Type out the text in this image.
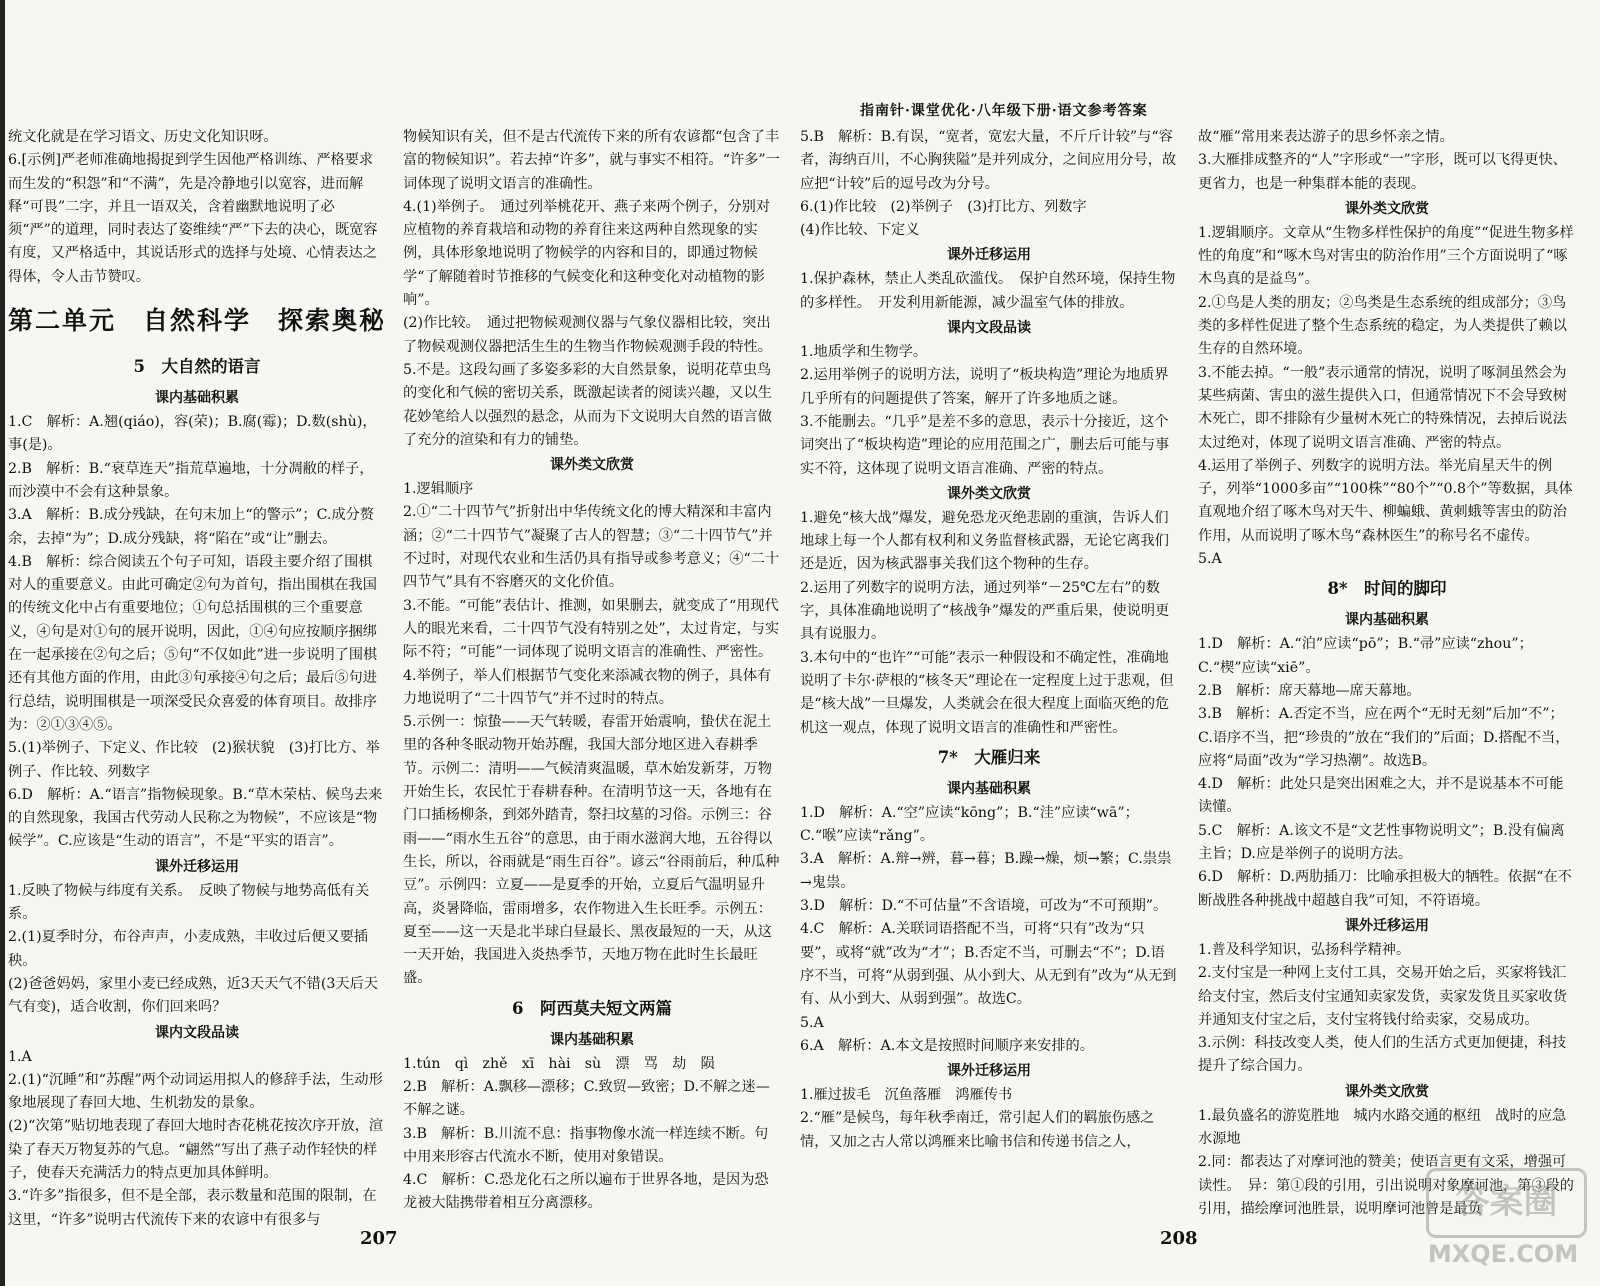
指南针·课堂优化·八年级下册·语文参考答案

统文化就是在学习语文、历史文化知识呀。

6.[示例]严老师准确地揭捉到学生因他严格训练、严格要求而生发的“积怨”和“不满”，先是冷静地引以宽容，进而解释“可畏”二字，并且一语双关，含着幽默地说明了必须“严”的道理，同时表达了姿维续“严”下去的决心，既宽容有度，又严格适中，其说话形式的选择与处境、心情表达之得体，令人击节赞叹。

第二单元　自然科学　探索奥秘

5　大自然的语言

课内基础积累

1.C　解析：A.翘(qiáo)，容(荣)；B.腐(霉)；D.数(shù)，事(是)。

2.B　解析：B.“衰草连天”指荒草遍地，十分凋敝的样子，而沙漠中不会有这种景象。

3.A　解析：B.成分残缺，在句末加上“的警示”；C.成分赘余，去掉“为”；D.成分残缺，将“陷在”或“让”删去。

4.B　解析：综合阅读五个句子可知，语段主要介绍了围棋对人的重要意义。由此可确定②句为首句，指出围棋在我国的传统文化中占有重要地位；①句总括围棋的三个重要意义，④句是对①句的展开说明，因此，①④句应按顺序捆绑在一起承接在②句之后；⑤句“不仅如此”进一步说明了围棋还有其他方面的作用，由此③句承接④句之后；最后⑤句进行总结，说明围棋是一项深受民众喜爱的体育项目。故排序为：②①③④⑤。

5.(1)举例子、下定义、作比较　(2)猴状貌　(3)打比方、举例子、作比较、列数字

6.D　解析：A.“语言”指物候现象。B.“草木荣枯、候鸟去来的自然现象，我国古代劳动人民称之为物候”，不应该是“物候学”。C.应该是“生动的语言”，不是“平实的语言”。

课外迁移运用

1.反映了物候与纬度有关系。　反映了物候与地势高低有关系。

2.(1)夏季时分，布谷声声，小麦成熟，丰收过后便又要插秧。

(2)爸爸妈妈，家里小麦已经成熟，近3天天气不错(3天后天气有变)，适合收割，你们回来吗？

课内文段品读

1.A

2.(1)“沉睡”和“苏醒”两个动词运用拟人的修辞手法，生动形象地展现了春回大地、生机勃发的景象。

(2)“次第”贴切地表现了春回大地时杏花桃花按次序开放，渲染了春天万物复苏的气息。“翩然”写出了燕子动作轻快的样子，使春天充满活力的特点更加具体鲜明。

3.“许多”指很多，但不是全部，表示数量和范围的限制，在这里，“许多”说明古代流传下来的农谚中有很多与

物候知识有关，但不是古代流传下来的所有农谚都“包含了丰富的物候知识”。若去掉“许多”，就与事实不相符。“许多”一词体现了说明文语言的准确性。

4.(1)举例子。　通过列举桃花开、燕子来两个例子，分别对应植物的养育栽培和动物的养育往来这两种自然现象的实例，具体形象地说明了物候学的内容和目的，即通过物候学“了解随着时节推移的气候变化和这种变化对动植物的影响”。

(2)作比较。　通过把物候观测仪器与气象仪器相比较，突出了物候观测仪器把活生生的生物当作物候观测手段的特性。

5.不是。这段勾画了多姿多彩的大自然景象，说明花草虫鸟的变化和气候的密切关系，既激起读者的阅读兴趣，又以生花妙笔给人以强烈的悬念，从而为下文说明大自然的语言做了充分的渲染和有力的铺垫。

课外类文欣赏

1.逻辑顺序

2.①“二十四节气”折射出中华传统文化的博大精深和丰富内涵；②“二十四节气”凝聚了古人的智慧；③“二十四节气”并不过时，对现代农业和生活仍具有指导或参考意义；④“二十四节气”具有不容磨灭的文化价值。

3.不能。“可能”表估计、推测，如果删去，就变成了“用现代人的眼光来看，二十四节气没有特别之处”，太过肯定，与实际不符；“可能”一词体现了说明文语言的准确性、严密性。

4.举例子，举人们根据节气变化来添减衣物的例子，具体有力地说明了“二十四节气”并不过时的特点。

5.示例一：惊蛰——天气转暖，春雷开始震响，蛰伏在泥土里的各种冬眠动物开始苏醒，我国大部分地区进入春耕季节。示例二：清明——气候清爽温暖，草木始发新芽，万物开始生长，农民忙于春耕春种。在清明节这一天，各地有在门口插杨柳条，到郊外踏青，祭扫坟墓的习俗。示例三：谷雨——“雨水生五谷”的意思，由于雨水滋润大地，五谷得以生长，所以，谷雨就是“雨生百谷”。谚云“谷雨前后，种瓜种豆”。示例四：立夏——是夏季的开始，立夏后气温明显升高，炎暑降临，雷雨增多，农作物进入生长旺季。示例五：夏至——这一天是北半球白昼最长、黑夜最短的一天，从这一天开始，我国进入炎热季节，天地万物在此时生长最旺盛。

6　阿西莫夫短文两篇

课内基础积累

1.tún　qì　zhě　xī　hài　sù　漂　骂　劫　陨

2.B　解析：A.飘移—漂移；C.致贸—致密；D.不解之迷—不解之谜。

3.B　解析：B.川流不息：指事物像水流一样连续不断。句中用来形容古代流水不断，使用对象错误。

4.C　解析：C.恐龙化石之所以遍布于世界各地，是因为恐龙被大陆携带着相互分离漂移。

5.B　解析：B.有误，“宽者，宽宏大量，不斤斤计较”与“容者，海纳百川，不心胸狭隘”是并列成分，之间应用分号，故应把“计较”后的逗号改为分号。

6.(1)作比较　(2)举例子　(3)打比方、列数字

(4)作比较、下定义

课外迁移运用

1.保护森林，禁止人类乱砍滥伐。　保护自然环境，保持生物的多样性。　开发利用新能源，减少温室气体的排放。

课内文段品读

1.地质学和生物学。

2.运用举例子的说明方法，说明了“板块构造”理论为地质界几乎所有的问题提供了答案，解开了许多地质之谜。

3.不能删去。“几乎”是差不多的意思，表示十分接近，这个词突出了“板块构造”理论的应用范围之广，删去后可能与事实不符，这体现了说明文语言准确、严密的特点。

课外类文欣赏

1.避免“核大战”爆发，避免恐龙灭绝悲剧的重演，告诉人们地球上每一个人都有权利和义务监督核武器，无论它离我们还是近，因为核武器事关我们这个物种的生存。

2.运用了列数字的说明方法，通过列举“－25℃左右”的数字，具体准确地说明了“核战争”爆发的严重后果，使说明更具有说服力。

3.本句中的“也许”“可能”表示一种假设和不确定性，准确地说明了卡尔·萨根的“核冬天”理论在一定程度上过于悲观，但是“核大战”一旦爆发，人类就会在很大程度上面临灭绝的危机这一观点，体现了说明文语言的准确性和严密性。

7*　大雁归来

课内基础积累

1.D　解析：A.“空”应读“kōng”；B.“洼”应读“wā”；C.“喉”应读“rǎng”。

3.A　解析：A.辩→辨，暮→暮；B.躁→燥，烦→繁；C.祟祟→鬼祟。

3.D　解析：D.“不可估量”不含语境，可改为“不可预期”。

4.C　解析：A.关联词语搭配不当，可将“只有”改为“只要”，或将“就”改为“才”；B.否定不当，可删去“不”；D.语序不当，可将“从弱到强、从小到大、从无到有”改为“从无到有、从小到大、从弱到强”。故选C。

5.A

6.A　解析：A.本文是按照时间顺序来安排的。

课外迁移运用

1.雁过拔毛　沉鱼落雁　鸿雁传书

2.“雁”是候鸟，每年秋季南迁，常引起人们的羁旅伤感之情，又加之古人常以鸿雁来比喻书信和传递书信之人，

故“雁”常用来表达游子的思乡怀亲之情。

3.大雁排成整齐的“人”字形或“一”字形，既可以飞得更快、更省力，也是一种集群本能的表现。

课外类文欣赏

1.逻辑顺序。文章从“生物多样性保护的角度”“促进生物多样性的角度”和“啄木鸟对害虫的防治作用”三个方面说明了“啄木鸟真的是益鸟”。

2.①鸟是人类的朋友；②鸟类是生态系统的组成部分；③鸟类的多样性促进了整个生态系统的稳定，为人类提供了赖以生存的自然环境。

3.不能去掉。“一般”表示通常的情况，说明了啄洞虽然会为某些病菌、害虫的滋生提供入口，但通常情况下不会导致树木死亡，即不排除有少量树木死亡的特殊情况，去掉后说法太过绝对，体现了说明文语言准确、严密的特点。

4.运用了举例子、列数字的说明方法。举光肩星天牛的例子，列举“1000多亩”“100株”“80个”“0.8个”等数据，具体直观地介绍了啄木鸟对天牛、柳蝙蛾、黄刺蛾等害虫的防治作用，从而说明了啄木鸟“森林医生”的称号名不虚传。

5.A

8*　时间的脚印

课内基础积累

1.D　解析：A.“泊”应读“pō”；B.“帚”应读“zhou”；C.“楔”应读“xiē”。

2.B　解析：席天幕地—席天幕地。

3.B　解析：A.否定不当，应在两个“无时无刻”后加“不”；C.语序不当，把“珍贵的”放在“我们的”后面；D.搭配不当，应将“局面”改为“学习热潮”。故选B。

4.D　解析：此处只是突出困难之大，并不是说基本不可能读懂。

5.C　解析：A.该文不是“文艺性事物说明文”；B.没有偏离主旨；D.应是举例子的说明方法。

6.D　解析：D.两肋插刀：比喻承担极大的牺牲。依据“在不断战胜各种挑战中超越自我”可知，不符语境。

课外迁移运用

1.普及科学知识，弘扬科学精神。

2.支付宝是一种网上支付工具，交易开始之后，买家将钱汇给支付宝，然后支付宝通知卖家发货，卖家发货且买家收货并通知支付宝之后，支付宝将钱付给卖家，交易成功。

3.示例：科技改变人类，使人们的生活方式更加便捷，科技提升了综合国力。

课外类文欣赏

1.最负盛名的游览胜地　城内水路交通的枢纽　战时的应急水源地

2.同：都表达了对摩诃池的赞美；使语言更有文采，增强可读性。　异：第①段的引用，引出说明对象摩诃池，第③段的引用，描绘摩诃池胜景，说明摩诃池曾是最负

207	208
答案圈
MXQE.COM
